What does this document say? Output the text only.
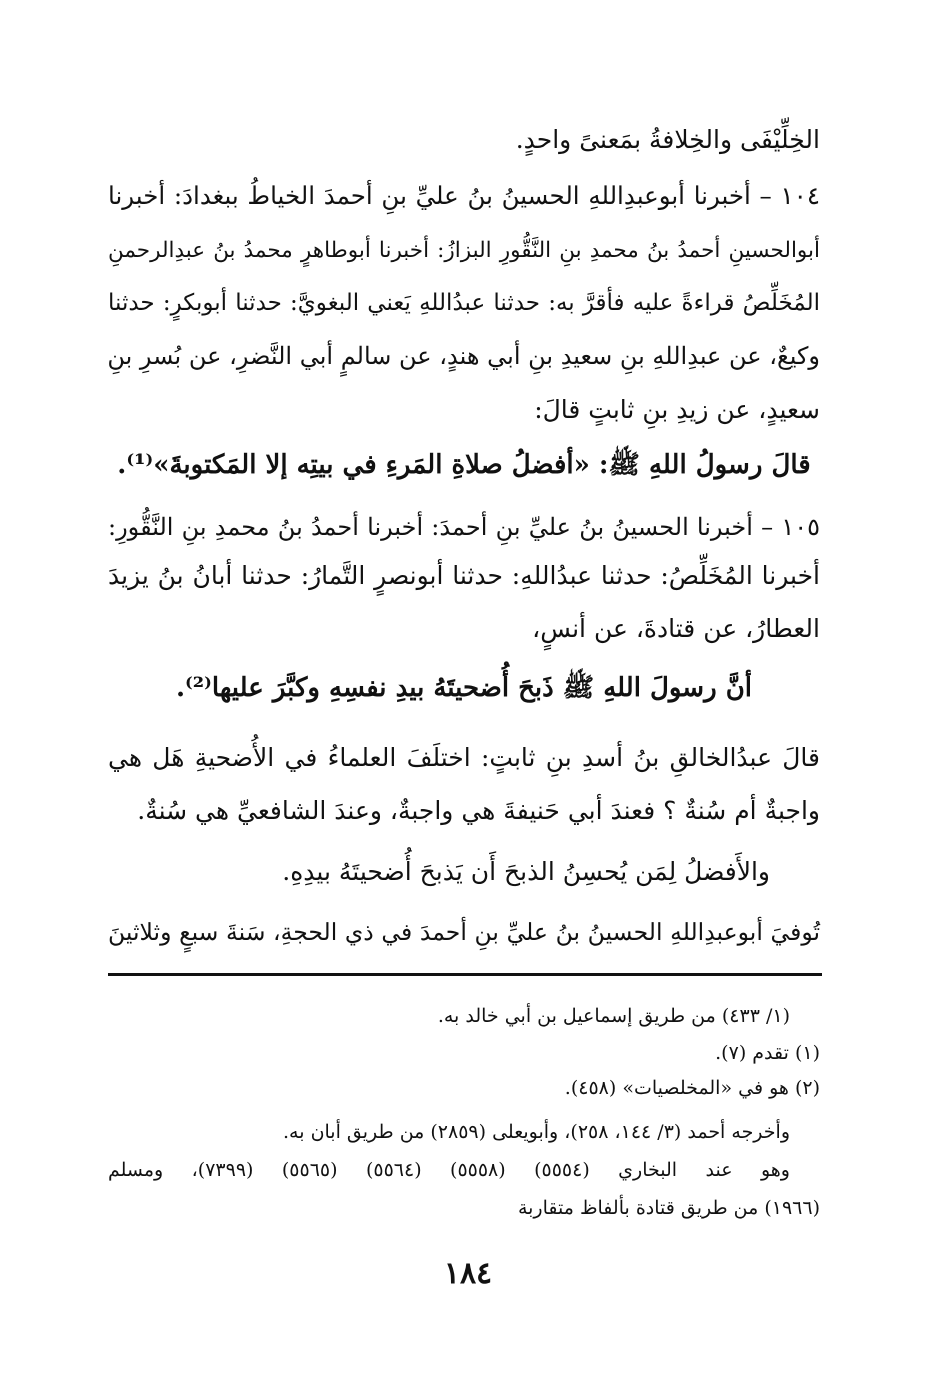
الخِلِّيْفَى والخِلافةُ بمَعنىً واحدٍ.
١٠٤ – أخبرنا أبوعبدِاللهِ الحسينُ بنُ عليِّ بنِ أحمدَ الخياطُ ببغدادَ: أخبرنا
أبوالحسينِ أحمدُ بنُ محمدِ بنِ النَّقُّورِ البزازُ: أخبرنا أبوطاهرٍ محمدُ بنُ عبدِالرحمنِ
المُخَلِّصُ قراءةً عليه فأقرَّ به: حدثنا عبدُاللهِ يَعني البغويَّ: حدثنا أبوبكرٍ: حدثنا
وكيعٌ، عن عبدِاللهِ بنِ سعيدِ بنِ أبي هندٍ، عن سالمٍ أبي النَّضرِ، عن بُسرِ بنِ
سعيدٍ، عن زيدِ بنِ ثابتٍ قالَ:
قالَ رسولُ اللهِ ﷺ: «أفضلُ صلاةِ المَرءِ في بيتِه إلا المَكتوبةَ»⁽¹⁾.
١٠٥ – أخبرنا الحسينُ بنُ عليِّ بنِ أحمدَ: أخبرنا أحمدُ بنُ محمدِ بنِ النَّقُّورِ:
أخبرنا المُخَلِّصُ: حدثنا عبدُاللهِ: حدثنا أبونصرٍ التَّمارُ: حدثنا أبانُ بنُ يزيدَ
العطارُ، عن قتادةَ، عن أنسٍ،
أنَّ رسولَ اللهِ ﷺ ذَبحَ أُضحيتَهُ بيدِ نفسِهِ وكبَّرَ عليها⁽²⁾.
قالَ عبدُالخالقِ بنُ أسدِ بنِ ثابتٍ: اختلَفَ العلماءُ في الأُضحيةِ هَل هي
واجبةٌ أم سُنةٌ ؟ فعندَ أبي حَنيفةَ هي واجبةٌ، وعندَ الشافعيِّ هي سُنةٌ.
والأَفضلُ لِمَن يُحسِنُ الذبحَ أَن يَذبحَ أُضحيتَهُ بيدِهِ.
تُوفيَ أبوعبدِاللهِ الحسينُ بنُ عليِّ بنِ أحمدَ في ذي الحجةِ، سَنةَ سبعٍ وثلاثينَ
(١/ ٤٣٣) من طريق إسماعيل بن أبي خالد به.
(١) تقدم (٧).
(٢) هو في «المخلصيات» (٤٥٨).
وأخرجه أحمد (٣/ ١٤٤، ٢٥٨)، وأبويعلى (٢٨٥٩) من طريق أبان به.
وهو عند البخاري (٥٥٥٤) (٥٥٥٨) (٥٥٦٤) (٥٥٦٥) (٧٣٩٩)، ومسلم
(١٩٦٦) من طريق قتادة بألفاظ متقاربة
١٨٤
